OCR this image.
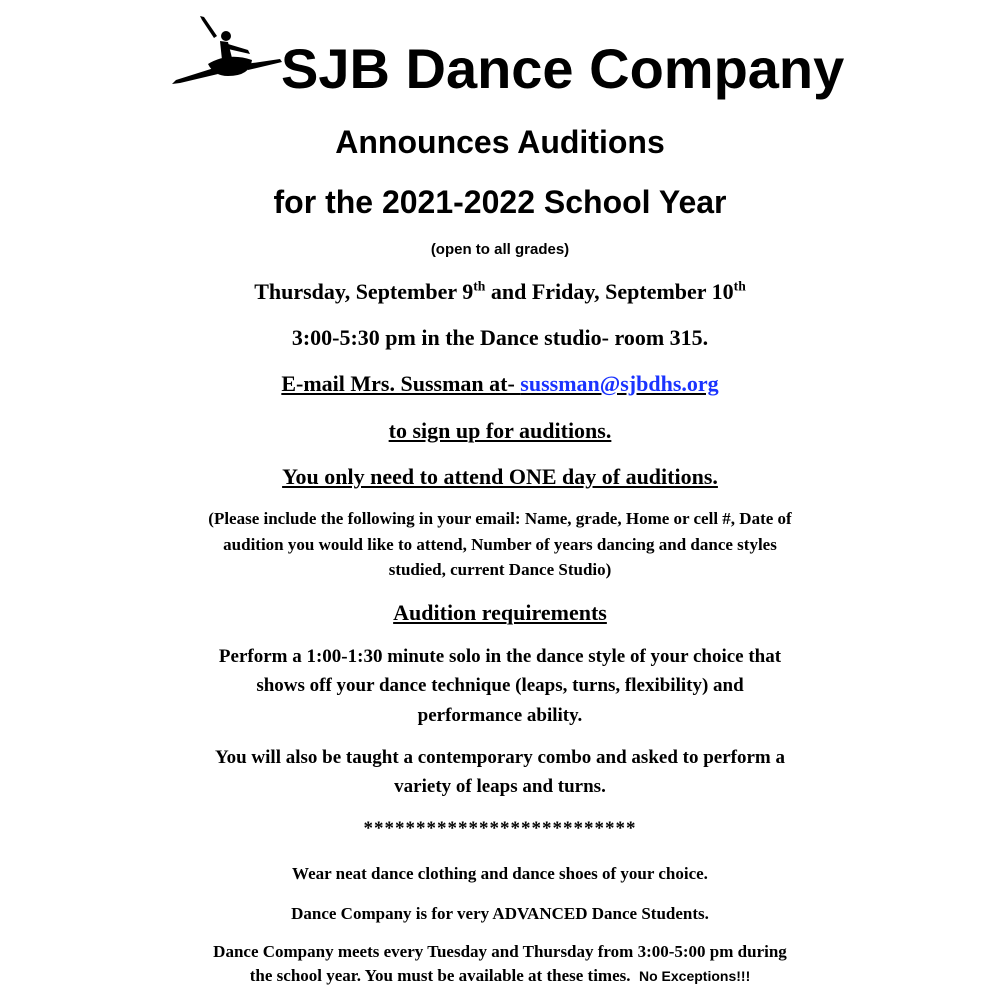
SJB Dance Company
Announces Auditions
for the 2021-2022 School Year
(open to all grades)
Thursday, September 9th and Friday, September 10th
3:00-5:30 pm in the Dance studio- room 315.
E-mail Mrs. Sussman at- sussman@sjbdhs.org
to sign up for auditions.
You only need to attend ONE day of auditions.
(Please include the following in your email: Name, grade, Home or cell #, Date of
audition you would like to attend, Number of years dancing and dance styles
studied, current Dance Studio)
Audition requirements
Perform a 1:00-1:30 minute solo in the dance style of your choice that
shows off your dance technique (leaps, turns, flexibility) and
performance ability.
You will also be taught a contemporary combo and asked to perform a
variety of leaps and turns.
**************************
Wear neat dance clothing and dance shoes of your choice.
Dance Company is for very ADVANCED Dance Students.
Dance Company meets every Tuesday and Thursday from 3:00-5:00 pm during
the school year. You must be available at these times. No Exceptions!!!
